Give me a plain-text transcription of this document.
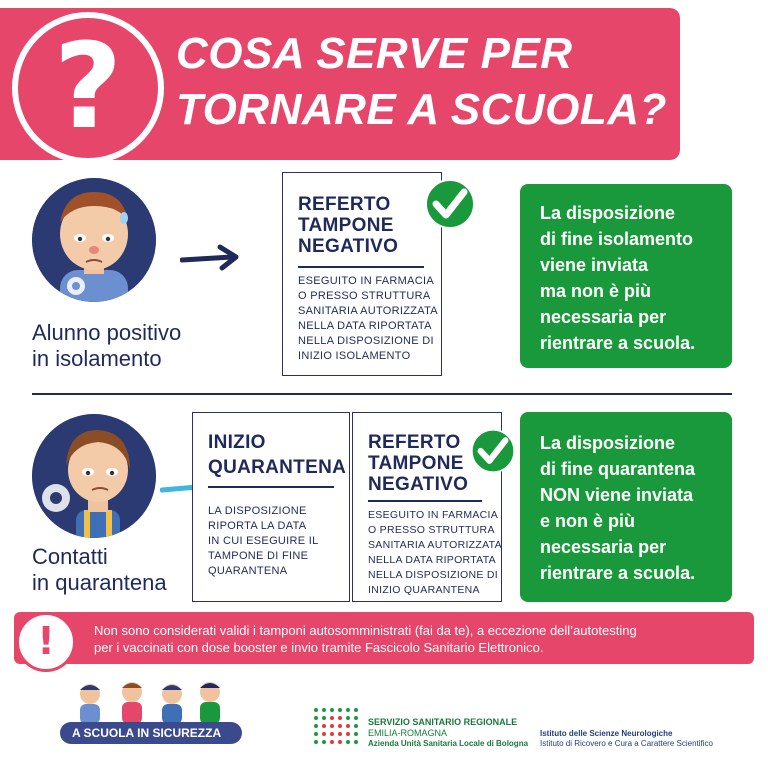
?	COSA SERVE PER
TORNARE A SCUOLA?
Alunno positivo
in isolamento
REFERTO
TAMPONE
NEGATIVO
ESEGUITO IN FARMACIA
O PRESSO STRUTTURA
SANITARIA AUTORIZZATA
NELLA DATA RIPORTATA
NELLA DISPOSIZIONE DI
INIZIO ISOLAMENTO
La disposizione
di fine isolamento
viene inviata
ma non è più
necessaria per
rientrare a scuola.
Contatti
in quarantena
INIZIO
QUARANTENA
LA DISPOSIZIONE
RIPORTA LA DATA
IN CUI ESEGUIRE IL
TAMPONE DI FINE
QUARANTENA
REFERTO
TAMPONE
NEGATIVO
ESEGUITO IN FARMACIA
O PRESSO STRUTTURA
SANITARIA AUTORIZZATA
NELLA DATA RIPORTATA
NELLA DISPOSIZIONE DI
INIZIO QUARANTENA
La disposizione
di fine quarantena
NON viene inviata
e non è più
necessaria per
rientrare a scuola.
!	Non sono considerati validi i tamponi autosomministrati (fai da te), a eccezione dell’autotesting
per i vaccinati con dose booster e invio tramite Fascicolo Sanitario Elettronico.
A SCUOLA IN SICUREZZA
SERVIZIO SANITARIO REGIONALE
EMILIA-ROMAGNA
Azienda Unità Sanitaria Locale di Bologna
Istituto delle Scienze Neurologiche
Istituto di Ricovero e Cura a Carattere Scientifico
